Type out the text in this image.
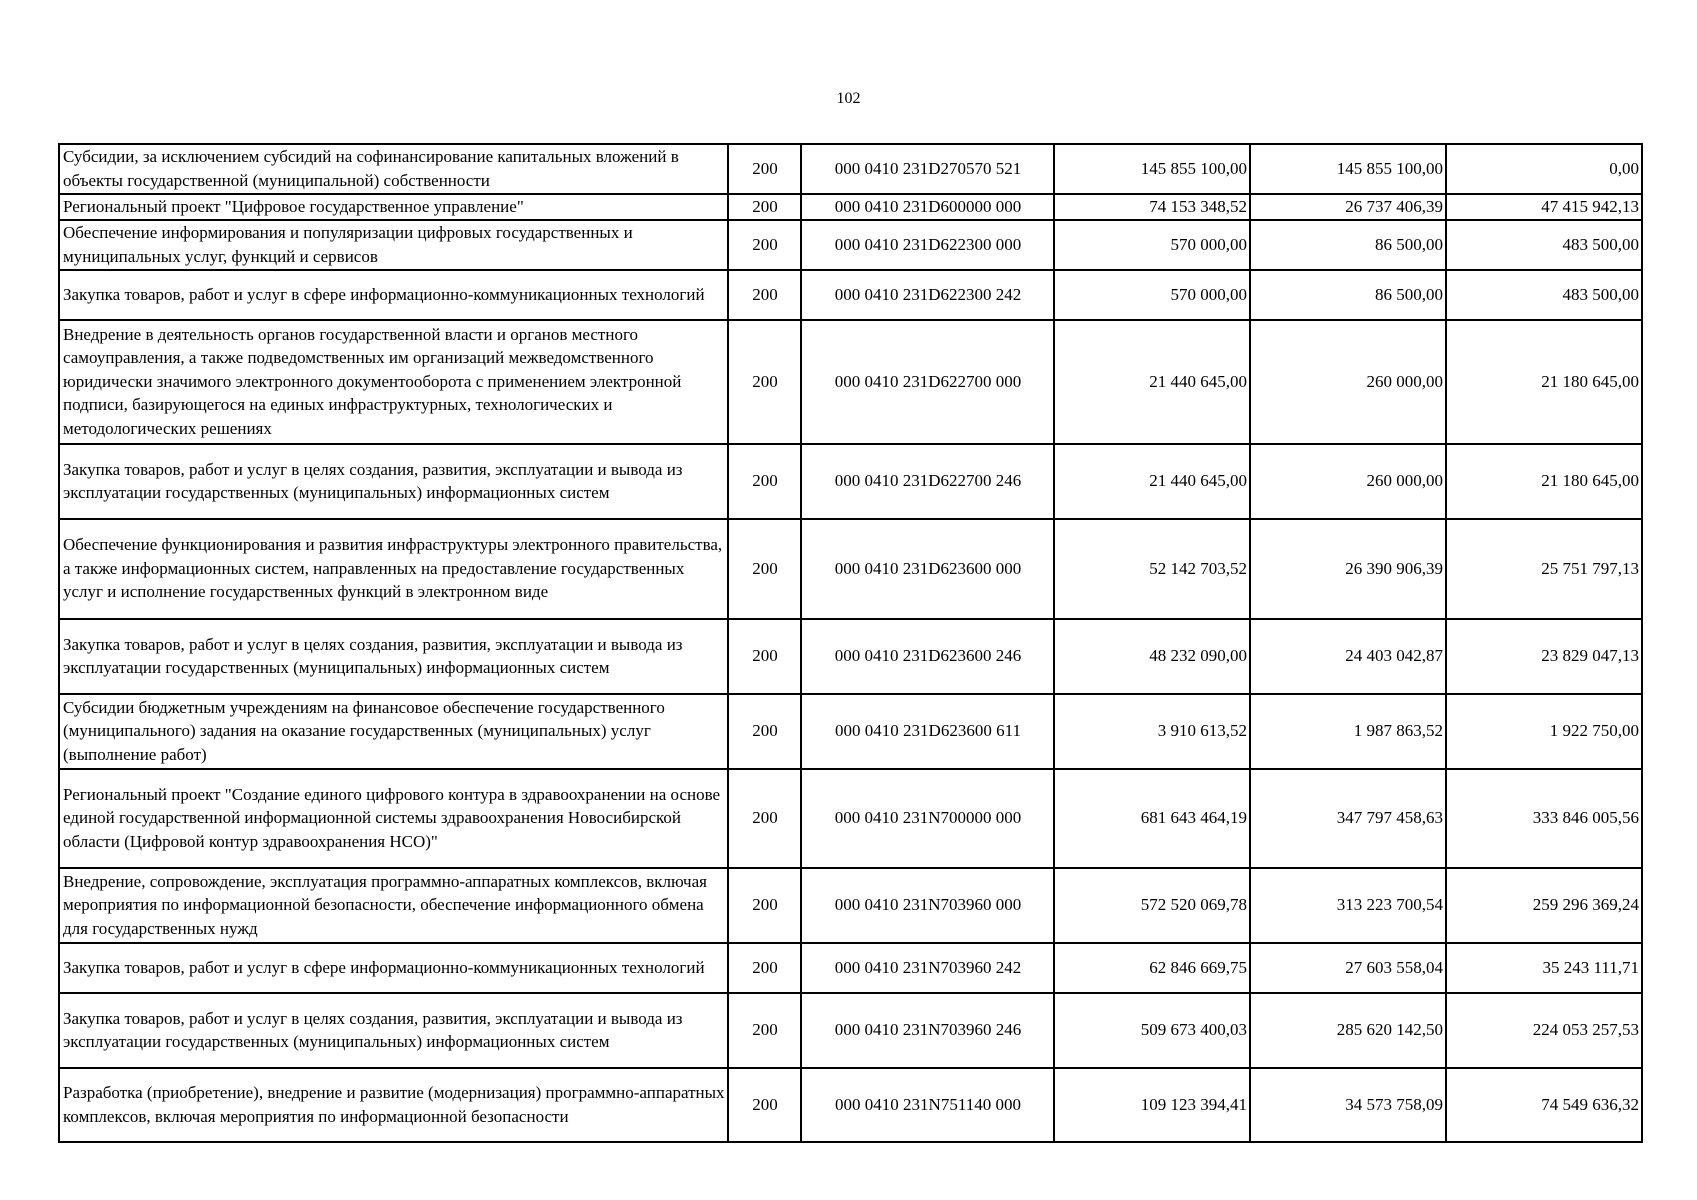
102
Субсидии, за исключением субсидий на софинансирование капитальных вложений в объекты государственной (муниципальной) собственности	200	000 0410 231D270570 521	145 855 100,00	145 855 100,00	0,00
Региональный проект "Цифровое государственное управление"	200	000 0410 231D600000 000	74 153 348,52	26 737 406,39	47 415 942,13
Обеспечение информирования и популяризации цифровых государственных и муниципальных услуг, функций и сервисов	200	000 0410 231D622300 000	570 000,00	86 500,00	483 500,00
Закупка товаров, работ и услуг в сфере информационно-коммуникационных технологий	200	000 0410 231D622300 242	570 000,00	86 500,00	483 500,00
Внедрение в деятельность органов государственной власти и органов местного самоуправления, а также подведомственных им организаций межведомственного юридически значимого электронного документооборота с применением электронной подписи, базирующегося на единых инфраструктурных, технологических и методологических решениях	200	000 0410 231D622700 000	21 440 645,00	260 000,00	21 180 645,00
Закупка товаров, работ и услуг в целях создания, развития, эксплуатации и вывода из эксплуатации государственных (муниципальных) информационных систем	200	000 0410 231D622700 246	21 440 645,00	260 000,00	21 180 645,00
Обеспечение функционирования и развития инфраструктуры электронного правительства, а также информационных систем, направленных на предоставление государственных услуг и исполнение государственных функций в электронном виде	200	000 0410 231D623600 000	52 142 703,52	26 390 906,39	25 751 797,13
Закупка товаров, работ и услуг в целях создания, развития, эксплуатации и вывода из эксплуатации государственных (муниципальных) информационных систем	200	000 0410 231D623600 246	48 232 090,00	24 403 042,87	23 829 047,13
Субсидии бюджетным учреждениям на финансовое обеспечение государственного (муниципального) задания на оказание государственных (муниципальных) услуг (выполнение работ)	200	000 0410 231D623600 611	3 910 613,52	1 987 863,52	1 922 750,00
Региональный проект "Создание единого цифрового контура в здравоохранении на основе единой государственной информационной системы здравоохранения Новосибирской области (Цифровой контур здравоохранения НСО)"	200	000 0410 231N700000 000	681 643 464,19	347 797 458,63	333 846 005,56
Внедрение, сопровождение, эксплуатация программно-аппаратных комплексов, включая мероприятия по информационной безопасности, обеспечение информационного обмена для государственных нужд	200	000 0410 231N703960 000	572 520 069,78	313 223 700,54	259 296 369,24
Закупка товаров, работ и услуг в сфере информационно-коммуникационных технологий	200	000 0410 231N703960 242	62 846 669,75	27 603 558,04	35 243 111,71
Закупка товаров, работ и услуг в целях создания, развития, эксплуатации и вывода из эксплуатации государственных (муниципальных) информационных систем	200	000 0410 231N703960 246	509 673 400,03	285 620 142,50	224 053 257,53
Разработка (приобретение), внедрение и развитие (модернизация) программно-аппаратных комплексов, включая мероприятия по информационной безопасности	200	000 0410 231N751140 000	109 123 394,41	34 573 758,09	74 549 636,32
